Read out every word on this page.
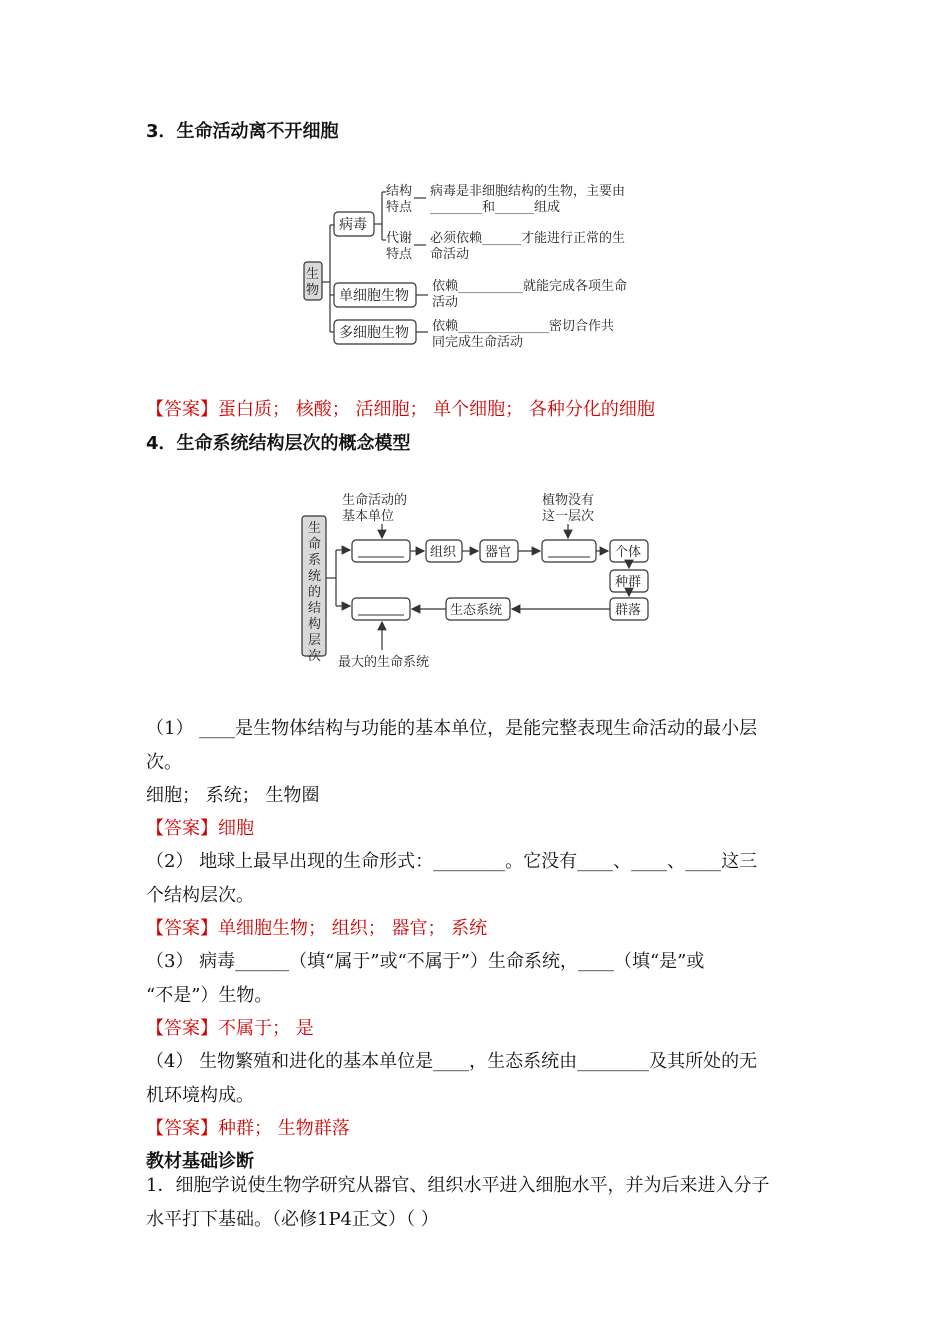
3．生命活动离不开细胞
生
物
病毒
结构
特点
病毒是非细胞结构的生物，主要由
________和______组成
代谢
特点
必须依赖______才能进行正常的生
命活动
单细胞生物
依赖__________就能完成各项生命
活动
多细胞生物 依赖______________密切合作共
同完成生命活动
【答案】蛋白质； 核酸； 活细胞； 单个细胞； 各种分化的细胞
4．生命系统结构层次的概念模型
生
命
系
统
的
结
构
层
次
生命活动的
基本单位
植物没有
这一层次
组织 器官	个体
种群
群落
生态系统
最大的生命系统
（1） ____是生物体结构与功能的基本单位，是能完整表现生命活动的最小层
次。
细胞； 系统； 生物圈
【答案】细胞
（2） 地球上最早出现的生命形式：________。它没有____、____、____这三
个结构层次。
【答案】单细胞生物； 组织； 器官； 系统
（3） 病毒______（填“属于”或“不属于”）生命系统，____（填“是”或
“不是”）生物。
【答案】不属于； 是
（4） 生物繁殖和进化的基本单位是____，生态系统由________及其所处的无
机环境构成。
【答案】种群； 生物群落
教材基础诊断
1．细胞学说使生物学研究从器官、组织水平进入细胞水平，并为后来进入分子
水平打下基础。（必修1P4正文）（ ）
